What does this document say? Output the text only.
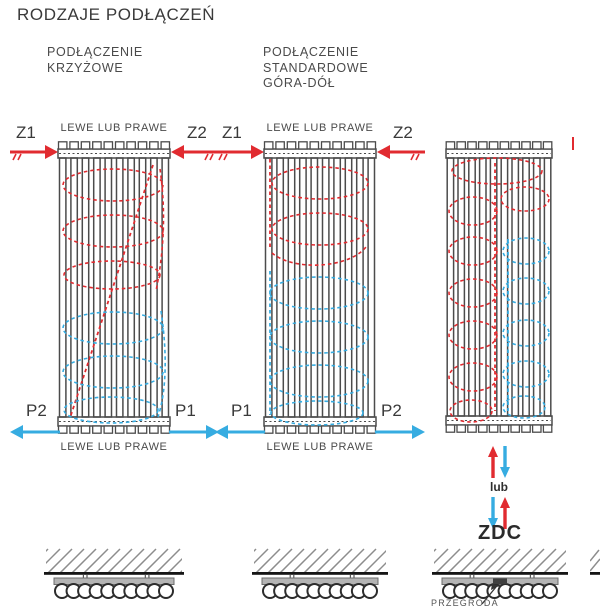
RODZAJE PODŁĄCZEŃ
PODŁĄCZENIE
KRZYŻOWE
PODŁĄCZENIE
STANDARDOWE
GÓRA-DÓŁ
LEWE LUB PRAWE
Z1	Z2
P2	P1
LEWE LUB PRAWE
LEWE LUB PRAWE
Z1	Z2
P1	P2
LEWE LUB PRAWE
lub
ZDC
PRZEGRODA
